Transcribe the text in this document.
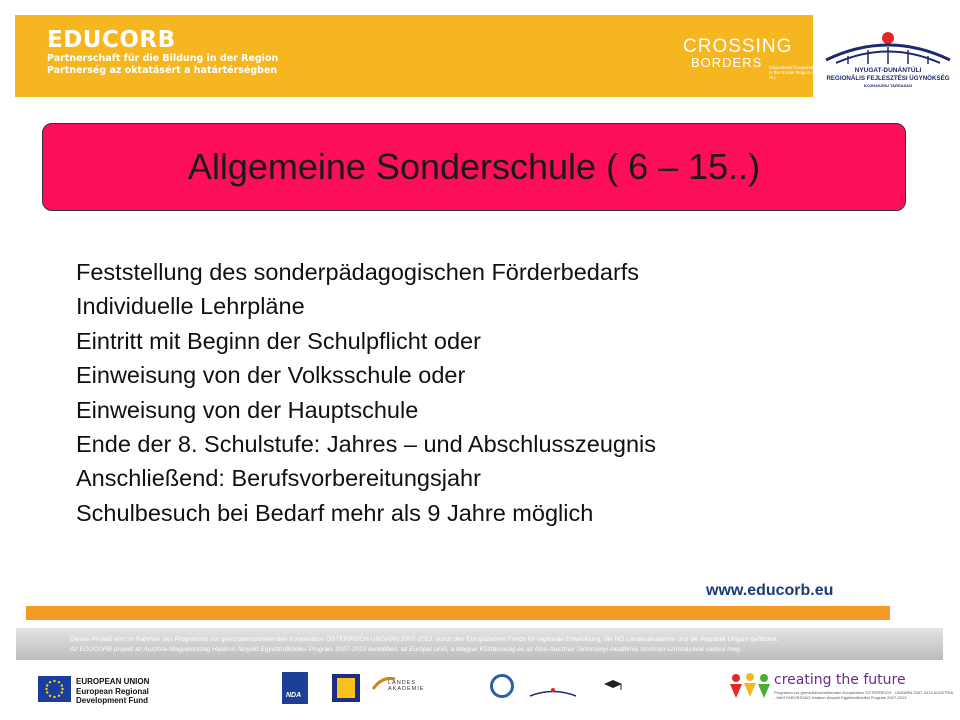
EDUCORB
Partnerschaft für die Bildung in der Region
Partnerség az oktatásért a határtérségben
CROSSING
BORDERS	Educational Cooperation in the Border Region AT-HU
NYUGAT-DUNÁNTÚLI
REGIONÁLIS FEJLESZTÉSI ÜGYNÖKSÉG
KOZHASZNU TARSASAG
Allgemeine Sonderschule ( 6 – 15..)
Feststellung des sonderpädagogischen Förderbedarfs
Individuelle Lehrpläne
Eintritt mit Beginn der Schulpflicht oder
Einweisung von der Volksschule oder
Einweisung von der Hauptschule
Ende der 8. Schulstufe: Jahres – und Abschlusszeugnis
Anschließend: Berufsvorbereitungsjahr
Schulbesuch bei Bedarf mehr als 9 Jahre möglich
www.educorb.eu
Dieses Projekt wird im Rahmen des Programms zur grenzüberschreitenden Kooperation ÖSTERREICH-UNGARN 2007-2013, durch den Europäischen Fonds für regionale Entwicklung, die NÖ Landesakademie und die Republik Ungarn gefördert.
Az EDUCORB projekt az Ausztria-Magyarország Határon Átnyúló Együttműködési Program 2007-2013 keretében, az Európai Unió, a Magyar Köztársaság és az Alsó-Ausztriai Tartományi Akadémia társfinan-szírozásával valósul meg.
EUROPEAN UNION
European Regional
Development Fund
NDA
LANDES AKADEMIE
creating the future
Programm zur grenzüberschreitenden Kooperation ÖSTERREICH - UNGARN 2007-2013 AUSZTRIA - MAGYARORSZÁG Határon Átnyúló Együttműködési Program 2007-2013
